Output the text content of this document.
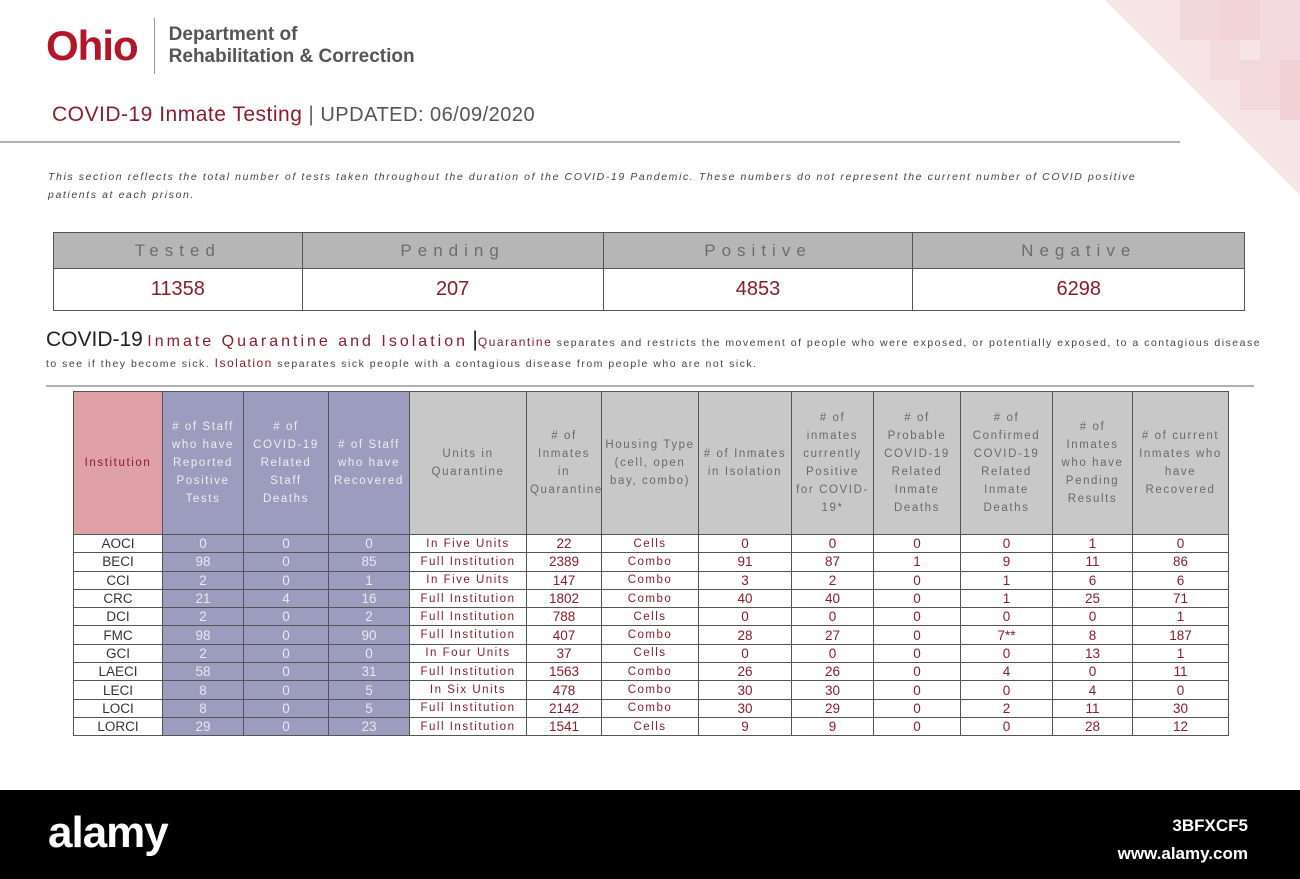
Ohio Department of
Rehabilitation & Correction
COVID-19 Inmate Testing | UPDATED: 06/09/2020
This section reflects the total number of tests taken throughout the duration of the COVID-19 Pandemic. These numbers do not represent the current number of COVID positive patients at each prison.
Tested	Pending	Positive	Negative
11358	207	4853	6298
COVID-19 Inmate Quarantine and Isolation |Quarantine separates and restricts the movement of people who were exposed, or potentially exposed, to a contagious disease to see if they become sick. Isolation separates sick people with a contagious disease from people who are not sick.
Institution	# of Staff who have Reported Positive Tests	# of COVID-19 Related Staff Deaths	# of Staff who have Recovered	Units in Quarantine	# of Inmates in Quarantine	Housing Type (cell, open bay, combo)	# of Inmates in Isolation	# of inmates currently Positive for COVID-19*	# of Probable COVID-19 Related Inmate Deaths	# of Confirmed COVID-19 Related Inmate Deaths	# of Inmates who have Pending Results	# of current Inmates who have Recovered
AOCI	0	0	0	In Five Units	22	Cells	0	0	0	0	1	0
BECI	98	0	85	Full Institution	2389	Combo	91	87	1	9	11	86
CCI	2	0	1	In Five Units	147	Combo	3	2	0	1	6	6
CRC	21	4	16	Full Institution	1802	Combo	40	40	0	1	25	71
DCI	2	0	2	Full Institution	788	Cells	0	0	0	0	0	1
FMC	98	0	90	Full Institution	407	Combo	28	27	0	7**	8	187
GCI	2	0	0	In Four Units	37	Cells	0	0	0	0	13	1
LAECI	58	0	31	Full Institution	1563	Combo	26	26	0	4	0	11
LECI	8	0	5	In Six Units	478	Combo	30	30	0	0	4	0
LOCI	8	0	5	Full Institution	2142	Combo	30	29	0	2	11	30
LORCI	29	0	23	Full Institution	1541	Cells	9	9	0	0	28	12
alamy	3BFXCF5
www.alamy.com
